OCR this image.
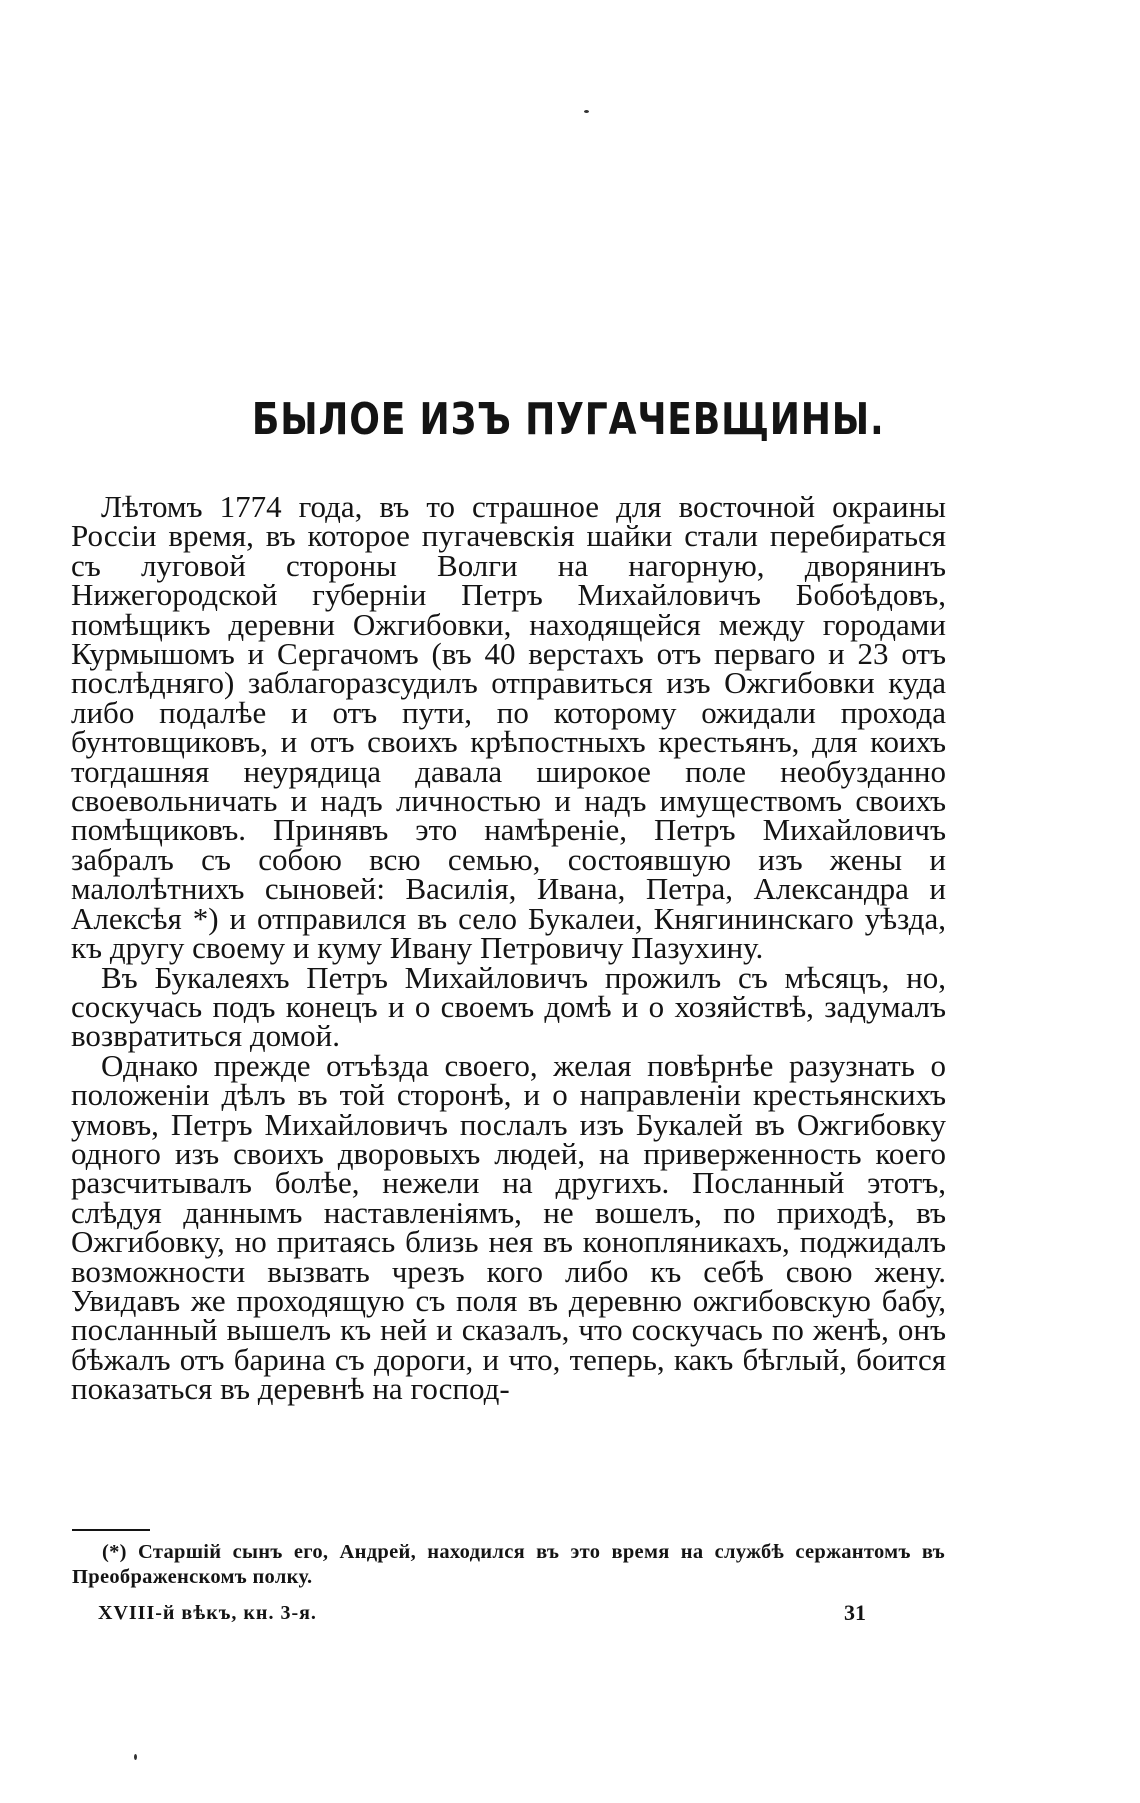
БЫЛОЕ ИЗЪ ПУГАЧЕВЩИНЫ.

Лѣтомъ 1774 года, въ то страшное для восточной окраины Россіи время, въ которое пугачевскія шайки стали перебираться съ луговой стороны Волги на нагорную, дворянинъ Нижегородской губерніи Петръ Михайловичъ Бобоѣдовъ, помѣщикъ деревни Ожгибовки, находящейся между городами Курмышомъ и Сергачомъ (въ 40 верстахъ отъ перваго и 23 отъ послѣдняго) заблагоразсудилъ отправиться изъ Ожгибовки куда либо подалѣе и отъ пути, по которому ожидали прохода бунтовщиковъ, и отъ своихъ крѣпостныхъ крестьянъ, для коихъ тогдашняя неурядица давала широкое поле необузданно своевольничать и надъ личностью и надъ имуществомъ своихъ помѣщиковъ. Принявъ это намѣреніе, Петръ Михайловичъ забралъ съ собою всю семью, состоявшую изъ жены и малолѣтнихъ сыновей: Василія, Ивана, Петра, Александра и Алексѣя *) и отправился въ село Букалеи, Княгининскаго уѣзда, къ другу своему и куму Ивану Петровичу Пазухину.

Въ Букалеяхъ Петръ Михайловичъ прожилъ съ мѣсяцъ, но, соскучась подъ конецъ и о своемъ домѣ и о хозяйствѣ, задумалъ возвратиться домой.

Однако прежде отъѣзда своего, желая повѣрнѣе разузнать о положеніи дѣлъ въ той сторонѣ, и о направленіи крестьянскихъ умовъ, Петръ Михайловичъ послалъ изъ Букалей въ Ожгибовку одного изъ своихъ дворовыхъ людей, на приверженность коего разсчитывалъ болѣе, нежели на другихъ. Посланный этотъ, слѣдуя даннымъ наставленіямъ, не вошелъ, по приходѣ, въ Ожгибовку, но притаясь близь нея въ конопляникахъ, поджидалъ возможности вызвать чрезъ кого либо къ себѣ свою жену. Увидавъ же проходящую съ поля въ деревню ожгибовскую бабу, посланный вышелъ къ ней и сказалъ, что соскучась по женѣ, онъ бѣжалъ отъ барина съ дороги, и что, теперь, какъ бѣглый, боится показаться въ деревнѣ на господ-

(*) Старшій сынъ его, Андрей, находился въ это время на службѣ сержантомъ въ Преображенскомъ полку.
XVIII-й вѣкъ, кн. 3-я.	31
